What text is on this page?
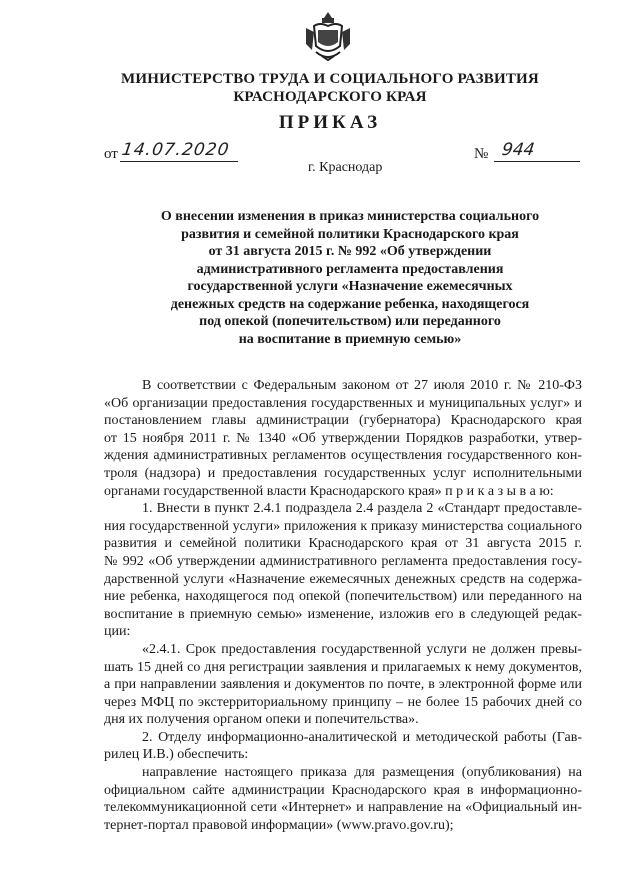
МИНИСТЕРСТВО ТРУДА И СОЦИАЛЬНОГО РАЗВИТИЯ
КРАСНОДАРСКОГО КРАЯ
ПРИКАЗ
от 14.07.2020	№ 944
г. Краснодар
О внесении изменения в приказ министерства социального
развития и семейной политики Краснодарского края
от 31 августа 2015 г. № 992 «Об утверждении
административного регламента предоставления
государственной услуги «Назначение ежемесячных
денежных средств на содержание ребенка, находящегося
под опекой (попечительством) или переданного
на воспитание в приемную семью»
В соответствии с Федеральным законом от 27 июля 2010 г. № 210-ФЗ
«Об организации предоставления государственных и муниципальных услуг» и
постановлением главы администрации (губернатора) Краснодарского края
от 15 ноября 2011 г. № 1340 «Об утверждении Порядков разработки, утвер-
ждения административных регламентов осуществления государственного кон-
троля (надзора) и предоставления государственных услуг исполнительными
органами государственной власти Краснодарского края» п р и к а з ы в а ю:
1. Внести в пункт 2.4.1 подраздела 2.4 раздела 2 «Стандарт предоставле-
ния государственной услуги» приложения к приказу министерства социального
развития и семейной политики Краснодарского края от 31 августа 2015 г.
№ 992 «Об утверждении административного регламента предоставления госу-
дарственной услуги «Назначение ежемесячных денежных средств на содержа-
ние ребенка, находящегося под опекой (попечительством) или переданного на
воспитание в приемную семью» изменение, изложив его в следующей редак-
ции:
«2.4.1. Срок предоставления государственной услуги не должен превы-
шать 15 дней со дня регистрации заявления и прилагаемых к нему документов,
а при направлении заявления и документов по почте, в электронной форме или
через МФЦ по экстерриториальному принципу – не более 15 рабочих дней со
дня их получения органом опеки и попечительства».
2. Отделу информационно-аналитической и методической работы (Гав-
рилец И.В.) обеспечить:
направление настоящего приказа для размещения (опубликования) на
официальном сайте администрации Краснодарского края в информационно-
телекоммуникационной сети «Интернет» и направление на «Официальный ин-
тернет-портал правовой информации» (www.pravo.gov.ru);
